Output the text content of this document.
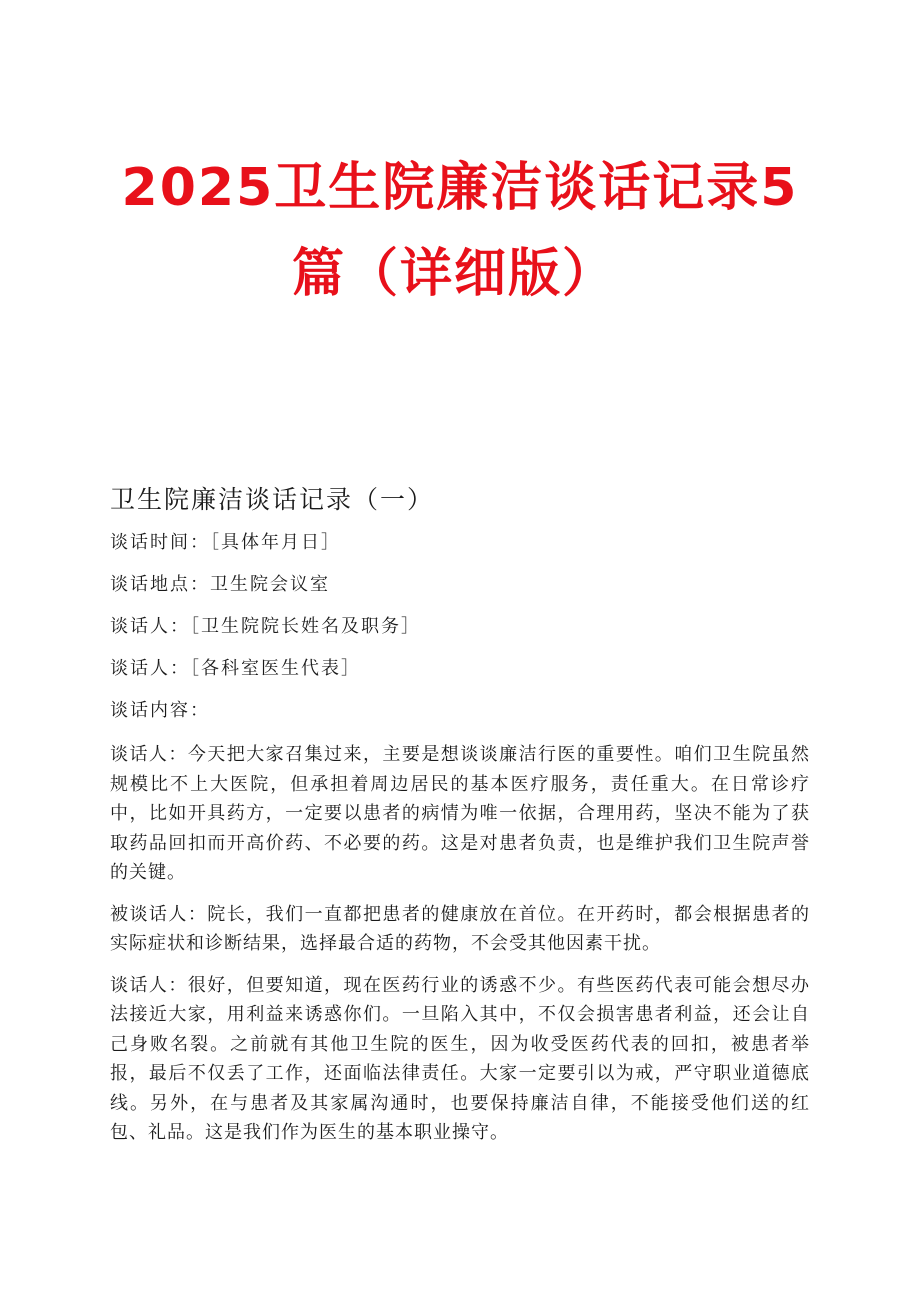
2025卫生院廉洁谈话记录5
篇（详细版）
卫生院廉洁谈话记录（一）

谈话时间：［具体年月日］

谈话地点：卫生院会议室

谈话人：［卫生院院长姓名及职务］

谈话人：［各科室医生代表］

谈话内容：

谈话人：今天把大家召集过来，主要是想谈谈廉洁行医的重要性。咱们卫生院虽然规模比不上大医院，但承担着周边居民的基本医疗服务，责任重大。在日常诊疗中，比如开具药方，一定要以患者的病情为唯一依据，合理用药，坚决不能为了获取药品回扣而开高价药、不必要的药。这是对患者负责，也是维护我们卫生院声誉的关键。

被谈话人：院长，我们一直都把患者的健康放在首位。在开药时，都会根据患者的实际症状和诊断结果，选择最合适的药物，不会受其他因素干扰。

谈话人：很好，但要知道，现在医药行业的诱惑不少。有些医药代表可能会想尽办法接近大家，用利益来诱惑你们。一旦陷入其中，不仅会损害患者利益，还会让自己身败名裂。之前就有其他卫生院的医生，因为收受医药代表的回扣，被患者举报，最后不仅丢了工作，还面临法律责任。大家一定要引以为戒，严守职业道德底线。另外，在与患者及其家属沟通时，也要保持廉洁自律，不能接受他们送的红包、礼品。这是我们作为医生的基本职业操守。
